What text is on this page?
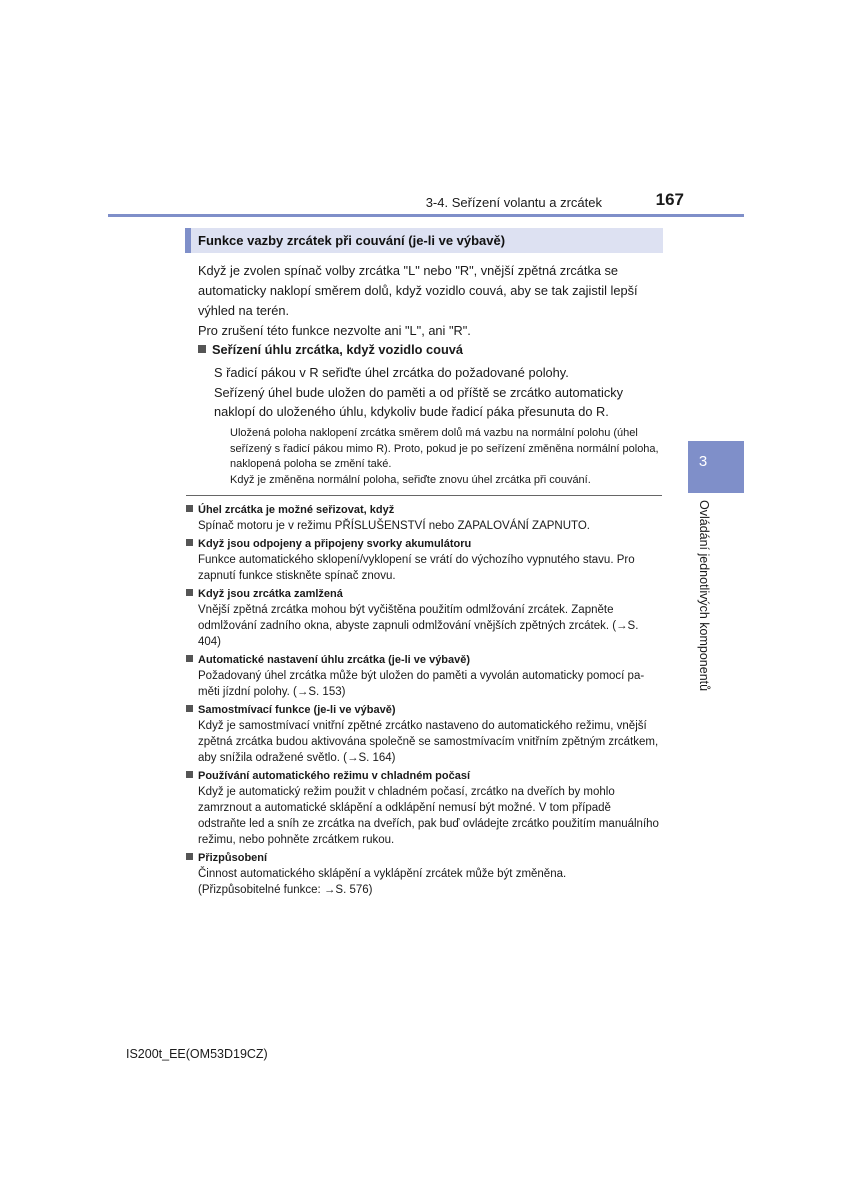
3-4. Seřízení volantu a zrcátek	167
3
Ovládání jednotlivých komponentů
Funkce vazby zrcátek při couvání (je-li ve výbavě)

Když je zvolen spínač volby zrcátka "L" nebo "R", vnější zpětná zrcátka se automaticky naklopí směrem dolů, když vozidlo couvá, aby se tak zajistil lepší výhled na terén.

Pro zrušení této funkce nezvolte ani "L", ani "R".

Seřízení úhlu zrcátka, když vozidlo couvá

S řadicí pákou v R seřiďte úhel zrcátka do požadované polohy.

Seřízený úhel bude uložen do paměti a od příště se zrcátko automaticky naklopí do uloženého úhlu, kdykoliv bude řadicí páka přesunuta do R.

Uložená poloha naklopení zrcátka směrem dolů má vazbu na normální polohu (úhel seřízený s řadicí pákou mimo R). Proto, pokud je po seřízení změněna normální poloha, naklopená poloha se změní také.

Když je změněna normální poloha, seřiďte znovu úhel zrcátka při couvání.

Úhel zrcátka je možné seřizovat, když

Spínač motoru je v režimu PŘÍSLUŠENSTVÍ nebo ZAPALOVÁNÍ ZAPNUTO.

Když jsou odpojeny a připojeny svorky akumulátoru

Funkce automatického sklopení/vyklopení se vrátí do výchozího vypnutého stavu. Pro zapnutí funkce stiskněte spínač znovu.

Když jsou zrcátka zamlžená

Vnější zpětná zrcátka mohou být vyčištěna použitím odmlžování zrcátek. Zapněte odmlžování zadního okna, abyste zapnuli odmlžování vnějších zpětných zrcátek. (→S. 404)

Automatické nastavení úhlu zrcátka (je-li ve výbavě)

Požadovaný úhel zrcátka může být uložen do paměti a vyvolán automaticky pomocí pa-měti jízdní polohy. (→S. 153)

Samostmívací funkce (je-li ve výbavě)

Když je samostmívací vnitřní zpětné zrcátko nastaveno do automatického režimu, vnější zpětná zrcátka budou aktivována společně se samostmívacím vnitřním zpětným zrcátkem, aby snížila odražené světlo. (→S. 164)

Používání automatického režimu v chladném počasí

Když je automatický režim použit v chladném počasí, zrcátko na dveřích by mohlo zamrznout a automatické sklápění a odklápění nemusí být možné. V tom případě odstraňte led a sníh ze zrcátka na dveřích, pak buď ovládejte zrcátko použitím manuálního režimu, nebo pohněte zrcátkem rukou.

Přizpůsobení

Činnost automatického sklápění a vyklápění zrcátek může být změněna.

(Přizpůsobitelné funkce: →S. 576)

IS200t_EE(OM53D19CZ)
